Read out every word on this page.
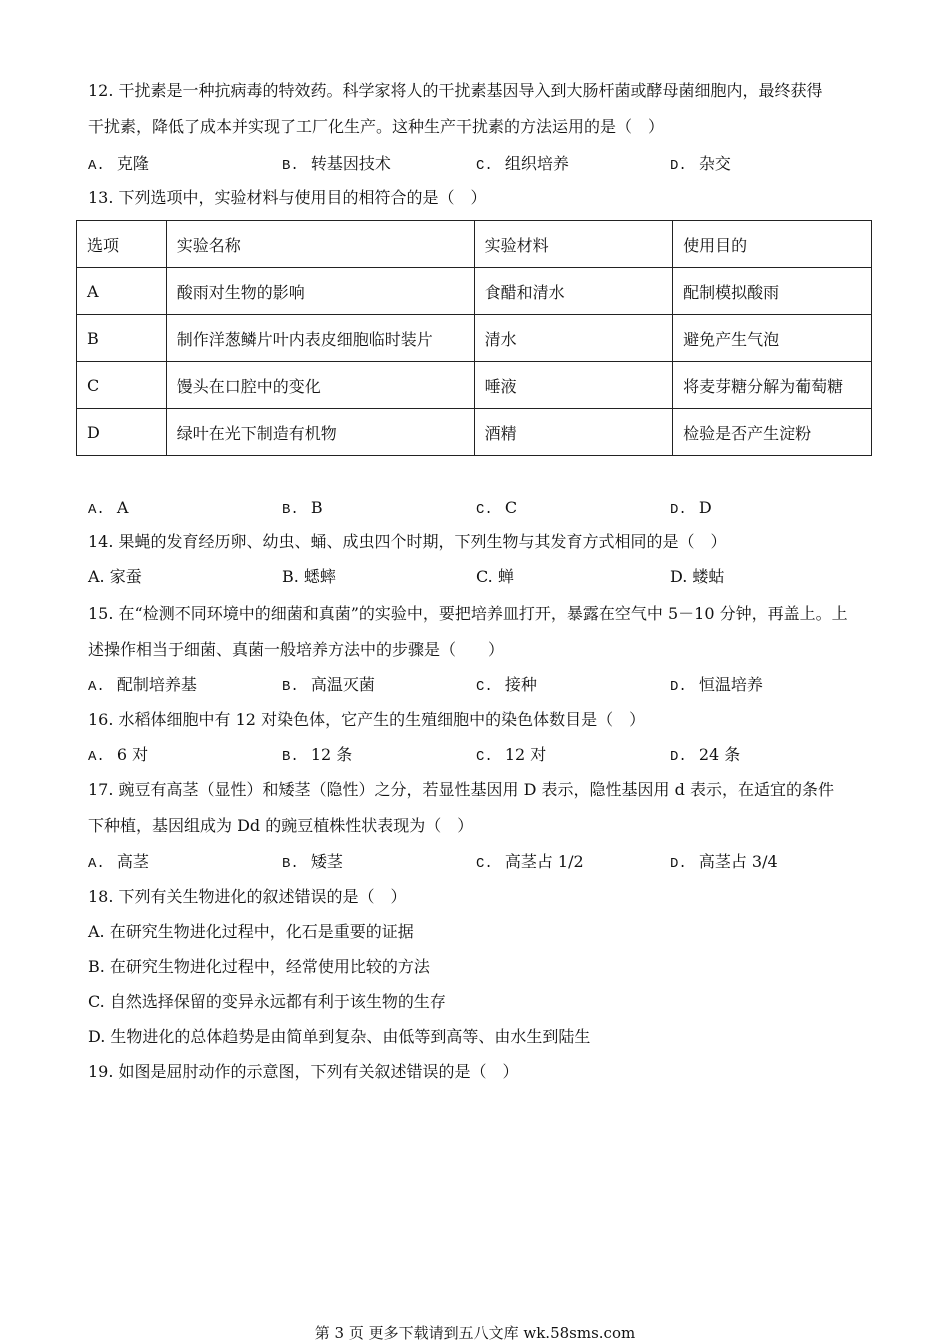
12. 干扰素是一种抗病毒的特效药。科学家将人的干扰素基因导入到大肠杆菌或酵母菌细胞内，最终获得
干扰素，降低了成本并实现了工厂化生产。这种生产干扰素的方法运用的是（　）
A. 克隆	B. 转基因技术	C. 组织培养	D. 杂交
13. 下列选项中，实验材料与使用目的相符合的是（　）
选项	实验名称	实验材料	使用目的
A	酸雨对生物的影响	食醋和清水	配制模拟酸雨
B	制作洋葱鳞片叶内表皮细胞临时装片	清水	避免产生气泡
C	馒头在口腔中的变化	唾液	将麦芽糖分解为葡萄糖
D	绿叶在光下制造有机物	酒精	检验是否产生淀粉
A. A	B. B	C. C	D. D
14. 果蝇的发育经历卵、幼虫、蛹、成虫四个时期，下列生物与其发育方式相同的是（　）
A. 家蚕	B. 蟋蟀	C. 蝉	D. 蝼蛄
15. 在“检测不同环境中的细菌和真菌”的实验中，要把培养皿打开，暴露在空气中 5－10 分钟，再盖上。上
述操作相当于细菌、真菌一般培养方法中的步骤是（　　）
A. 配制培养基	B. 高温灭菌	C. 接种	D. 恒温培养
16. 水稻体细胞中有 12 对染色体，它产生的生殖细胞中的染色体数目是（　）
A. 6 对	B. 12 条	C. 12 对	D. 24 条
17. 豌豆有高茎（显性）和矮茎（隐性）之分，若显性基因用 D 表示，隐性基因用 d 表示，在适宜的条件
下种植，基因组成为 Dd 的豌豆植株性状表现为（　）
A. 高茎	B. 矮茎	C. 高茎占 1/2	D. 高茎占 3/4
18. 下列有关生物进化的叙述错误的是（　）
A. 在研究生物进化过程中，化石是重要的证据
B. 在研究生物进化过程中，经常使用比较的方法
C. 自然选择保留的变异永远都有利于该生物的生存
D. 生物进化的总体趋势是由简单到复杂、由低等到高等、由水生到陆生
19. 如图是屈肘动作的示意图，下列有关叙述错误的是（　）
第 3 页 更多下载请到五八文库 wk.58sms.com
